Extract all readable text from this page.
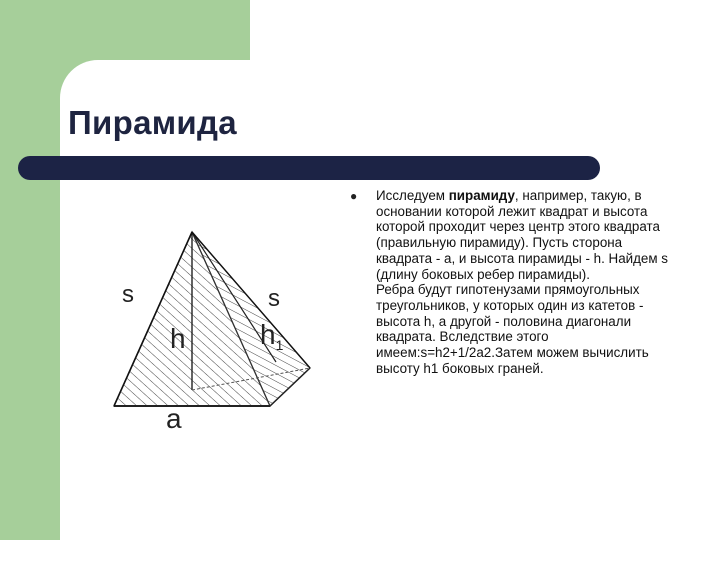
Пирамида
s	s
h	$h_1$
a
●	Исследуем пирамиду, например, такую, в основании которой лежит квадрат и высота которой проходит через центр этого квадрата (правильную пирамиду). Пусть сторона квадрата - a, и высота пирамиды - h. Найдем s (длину боковых ребер пирамиды).
Ребра будут гипотенузами прямоугольных треугольников, у которых один из катетов - высота h, а другой - половина диагонали квадрата. Вследствие этого имеем:s=h2+1/2a2.Затем можем вычислить высоту h1 боковых граней.
